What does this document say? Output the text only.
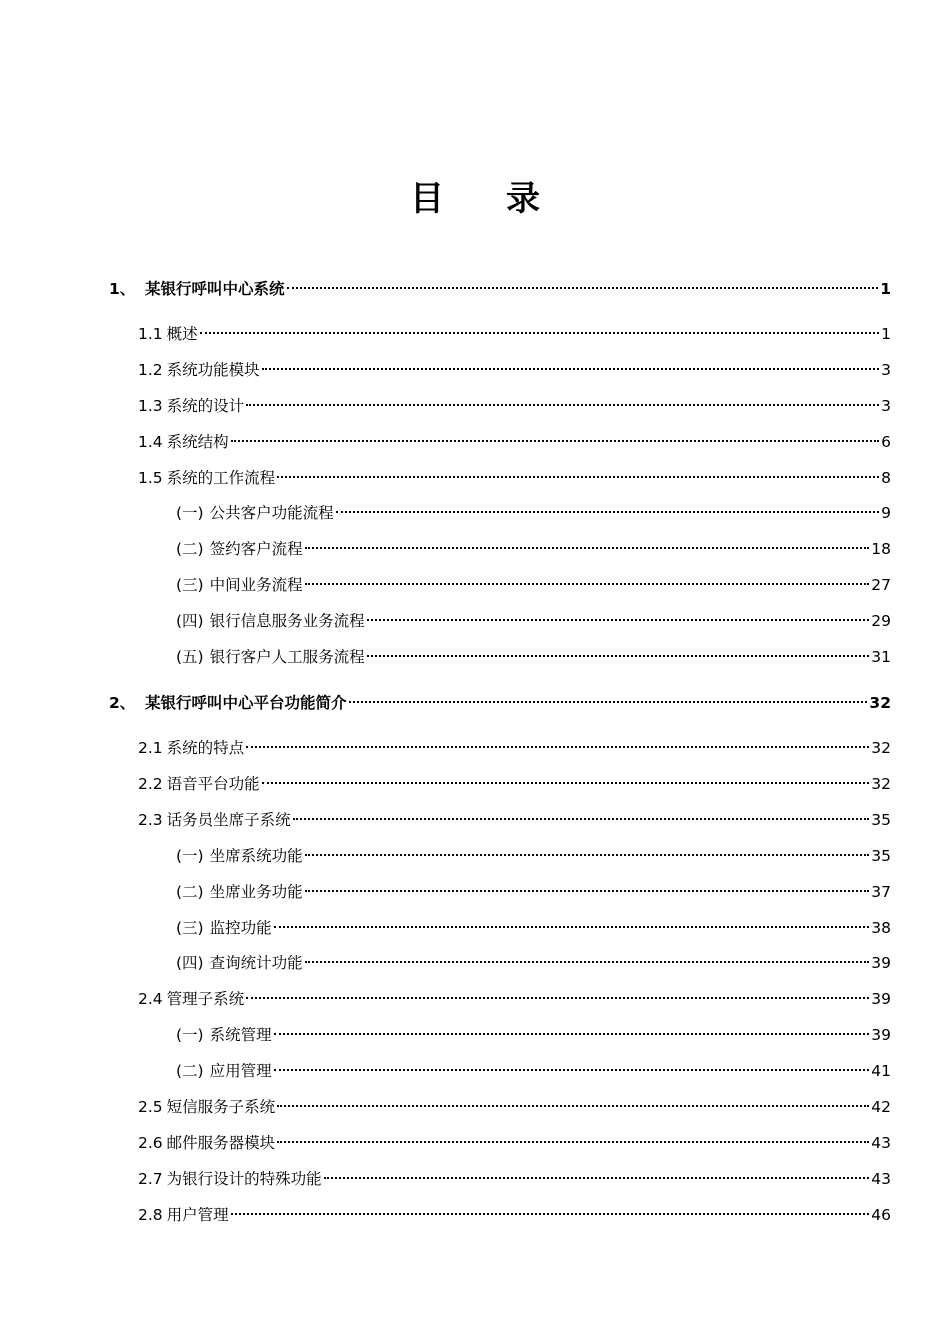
目录
1、 某银行呼叫中心系统	1
1.1 概述	1
1.2 系统功能模块	3
1.3 系统的设计	3
1.4 系统结构	6
1.5 系统的工作流程	8
(一) 公共客户功能流程	9
(二) 签约客户流程	18
(三) 中间业务流程	27
(四) 银行信息服务业务流程	29
(五) 银行客户人工服务流程	31
2、 某银行呼叫中心平台功能简介	32
2.1 系统的特点	32
2.2 语音平台功能	32
2.3 话务员坐席子系统	35
(一) 坐席系统功能	35
(二) 坐席业务功能	37
(三) 监控功能	38
(四) 查询统计功能	39
2.4 管理子系统	39
(一) 系统管理	39
(二) 应用管理	41
2.5 短信服务子系统	42
2.6 邮件服务器模块	43
2.7 为银行设计的特殊功能	43
2.8 用户管理	46
